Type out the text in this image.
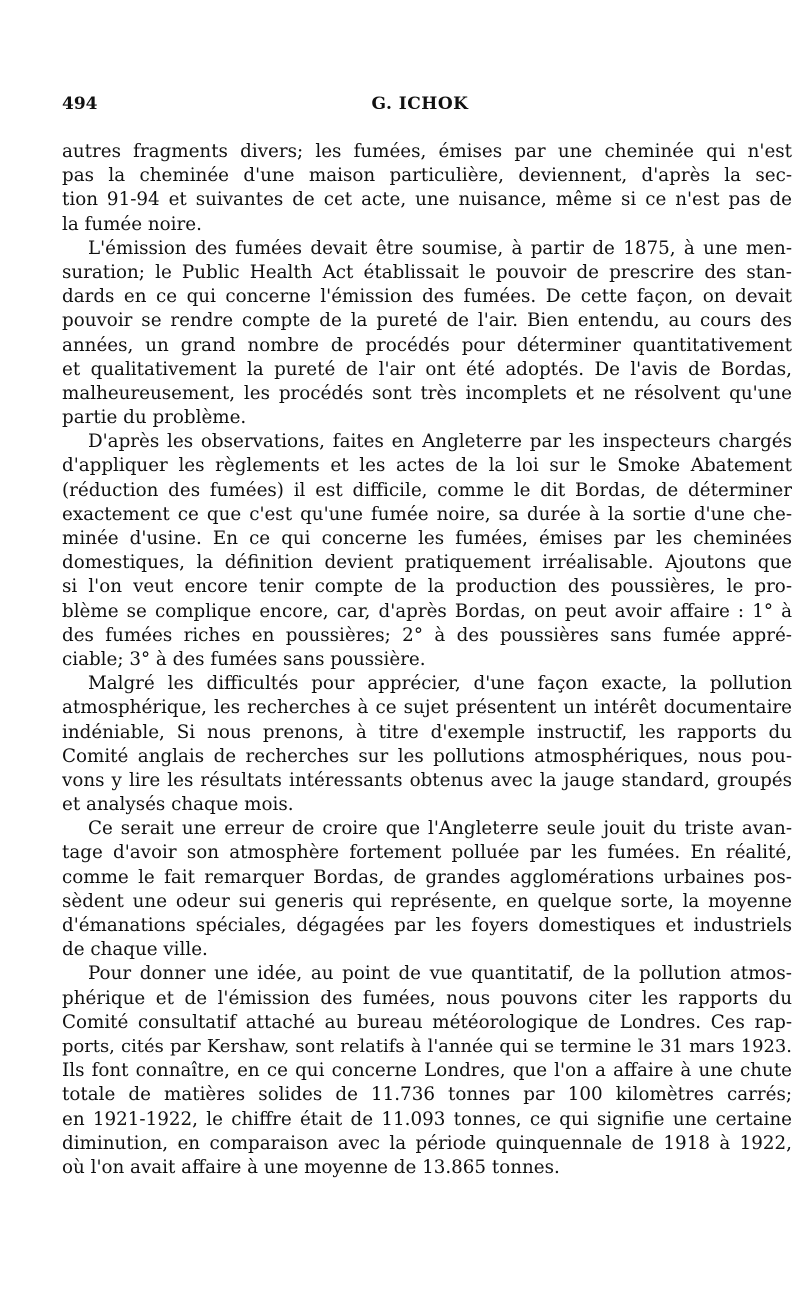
494	G. ICHOK
autres fragments divers; les fumées, émises par une cheminée qui n'est
pas la cheminée d'une maison particulière, deviennent, d'après la sec-
tion 91-94 et suivantes de cet acte, une nuisance, même si ce n'est pas de
la fumée noire.
L'émission des fumées devait être soumise, à partir de 1875, à une men-
suration; le Public Health Act établissait le pouvoir de prescrire des stan-
dards en ce qui concerne l'émission des fumées. De cette façon, on devait
pouvoir se rendre compte de la pureté de l'air. Bien entendu, au cours des
années, un grand nombre de procédés pour déterminer quantitativement
et qualitativement la pureté de l'air ont été adoptés. De l'avis de Bordas,
malheureusement, les procédés sont très incomplets et ne résolvent qu'une
partie du problème.
D'après les observations, faites en Angleterre par les inspecteurs chargés
d'appliquer les règlements et les actes de la loi sur le Smoke Abatement
(réduction des fumées) il est difficile, comme le dit Bordas, de déterminer
exactement ce que c'est qu'une fumée noire, sa durée à la sortie d'une che-
minée d'usine. En ce qui concerne les fumées, émises par les cheminées
domestiques, la définition devient pratiquement irréalisable. Ajoutons que
si l'on veut encore tenir compte de la production des poussières, le pro-
blème se complique encore, car, d'après Bordas, on peut avoir affaire : 1° à
des fumées riches en poussières; 2° à des poussières sans fumée appré-
ciable; 3° à des fumées sans poussière.
Malgré les difficultés pour apprécier, d'une façon exacte, la pollution
atmosphérique, les recherches à ce sujet présentent un intérêt documentaire
indéniable, Si nous prenons, à titre d'exemple instructif, les rapports du
Comité anglais de recherches sur les pollutions atmosphériques, nous pou-
vons y lire les résultats intéressants obtenus avec la jauge standard, groupés
et analysés chaque mois.
Ce serait une erreur de croire que l'Angleterre seule jouit du triste avan-
tage d'avoir son atmosphère fortement polluée par les fumées. En réalité,
comme le fait remarquer Bordas, de grandes agglomérations urbaines pos-
sèdent une odeur sui generis qui représente, en quelque sorte, la moyenne
d'émanations spéciales, dégagées par les foyers domestiques et industriels
de chaque ville.
Pour donner une idée, au point de vue quantitatif, de la pollution atmos-
phérique et de l'émission des fumées, nous pouvons citer les rapports du
Comité consultatif attaché au bureau météorologique de Londres. Ces rap-
ports, cités par Kershaw, sont relatifs à l'année qui se termine le 31 mars 1923.
Ils font connaître, en ce qui concerne Londres, que l'on a affaire à une chute
totale de matières solides de 11.736 tonnes par 100 kilomètres carrés;
en 1921-1922, le chiffre était de 11.093 tonnes, ce qui signifie une certaine
diminution, en comparaison avec la période quinquennale de 1918 à 1922,
où l'on avait affaire à une moyenne de 13.865 tonnes.
